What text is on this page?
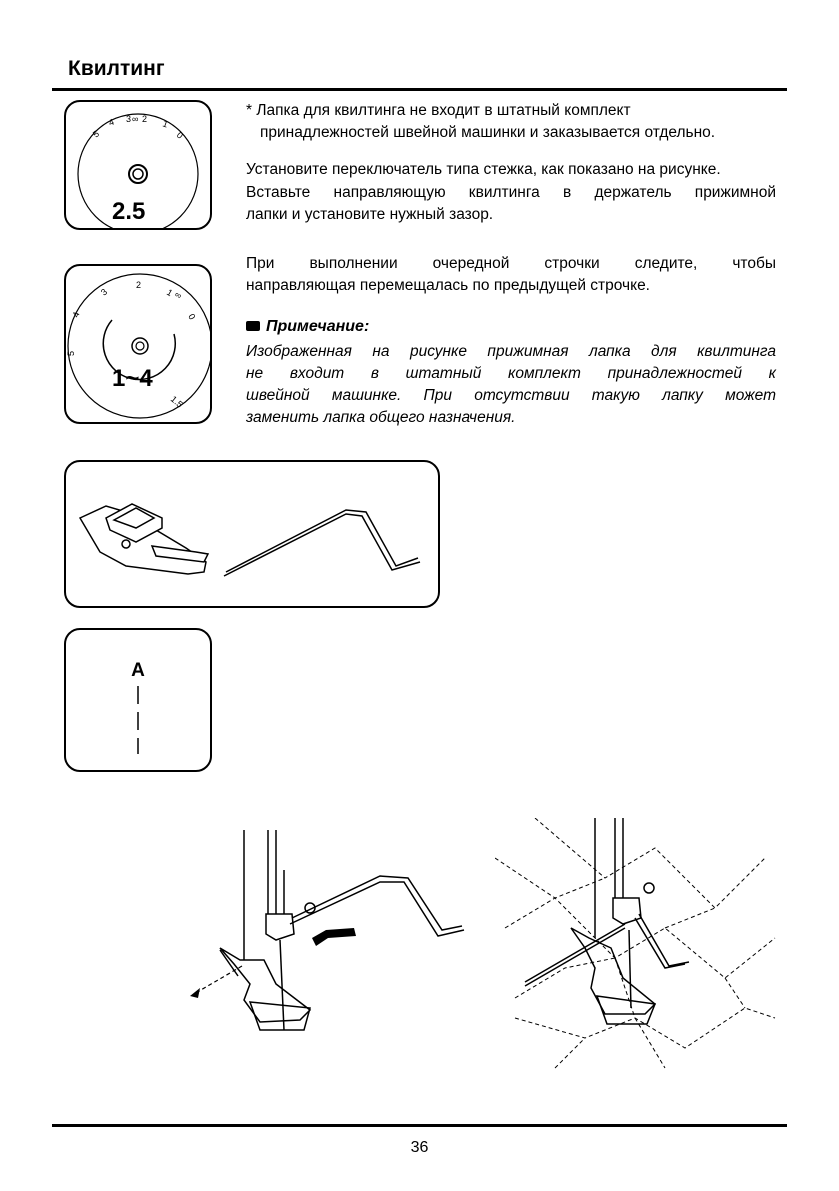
Квилтинг
5
4 3 ∞ 2 1
0
2.5
4
3
2
1
∞
0
5
1.5
1~4

* Лапка для квилтинга не входит в штатный комплект

принадлежностей швейной машинки и заказывается отдельно.

Установите переключатель типа стежка, как показано на рисунке.

Вставьте направляющую квилтинга в держатель прижимной

лапки и установите нужный зазор.

При выполнении очередной строчки следите, чтобы

направляющая перемещалась по предыдущей строчке.

Примечание:

Изображенная на рисунке прижимная лапка для квилтинга

не входит в штатный комплект принадлежностей к

швейной машинке. При отсутствии такую лапку может

заменить лапка общего назначения.

A
36
